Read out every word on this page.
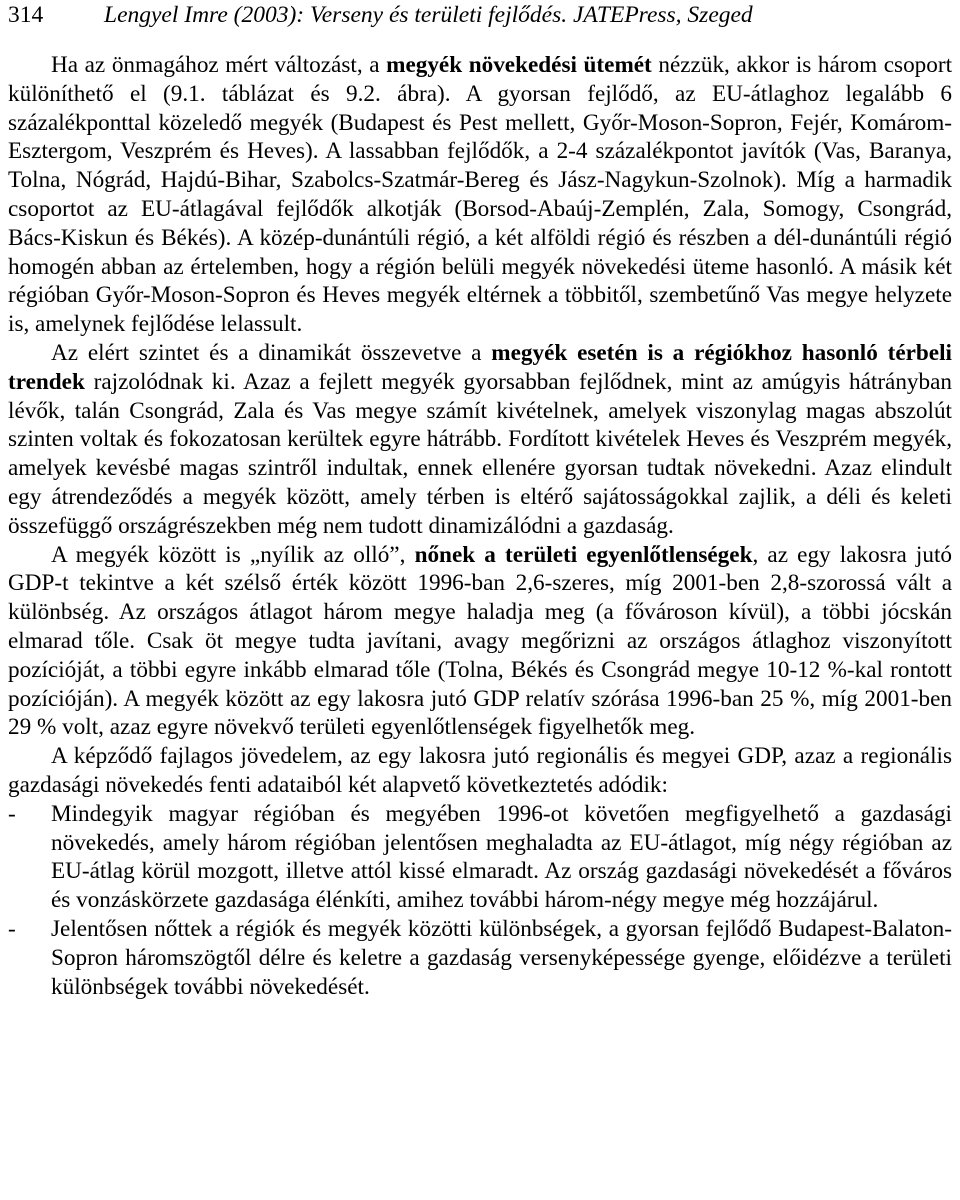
314	Lengyel Imre (2003): Verseny és területi fejlődés. JATEPress, Szeged

Ha az önmagához mért változást, a megyék növekedési ütemét nézzük, akkor is három csoport különíthető el (9.1. táblázat és 9.2. ábra). A gyorsan fejlődő, az EU-átlaghoz legalább 6 százalékponttal közeledő megyék (Budapest és Pest mellett, Győr-Moson-Sopron, Fejér, Komárom-Esztergom, Veszprém és Heves). A lassabban fejlődők, a 2-4 százalékpontot javítók (Vas, Baranya, Tolna, Nógrád, Hajdú-Bihar, Szabolcs-Szatmár-Bereg és Jász-Nagykun-Szolnok). Míg a harmadik csoportot az EU-átlagával fejlődők alkotják (Borsod-Abaúj-Zemplén, Zala, Somogy, Csongrád, Bács-Kiskun és Békés). A közép-dunántúli régió, a két alföldi régió és részben a dél-dunántúli régió homogén abban az értelemben, hogy a régión belüli megyék növekedési üteme hasonló. A másik két régióban Győr-Moson-Sopron és Heves megyék eltérnek a többitől, szembetűnő Vas megye helyzete is, amelynek fejlődése lelassult.

Az elért szintet és a dinamikát összevetve a megyék esetén is a régiókhoz hasonló térbeli trendek rajzolódnak ki. Azaz a fejlett megyék gyorsabban fejlődnek, mint az amúgyis hátrányban lévők, talán Csongrád, Zala és Vas megye számít kivételnek, amelyek viszonylag magas abszolút szinten voltak és fokozatosan kerültek egyre hátrább. Fordított kivételek Heves és Veszprém megyék, amelyek kevésbé magas szintről indultak, ennek ellenére gyorsan tudtak növekedni. Azaz elindult egy átrendeződés a megyék között, amely térben is eltérő sajátosságokkal zajlik, a déli és keleti összefüggő országrészekben még nem tudott dinamizálódni a gazdaság.

A megyék között is „nyílik az olló”, nőnek a területi egyenlőtlenségek, az egy lakosra jutó GDP-t tekintve a két szélső érték között 1996-ban 2,6-szeres, míg 2001-ben 2,8-szorossá vált a különbség. Az országos átlagot három megye haladja meg (a fővároson kívül), a többi jócskán elmarad tőle. Csak öt megye tudta javítani, avagy megőrizni az országos átlaghoz viszonyított pozícióját, a többi egyre inkább elmarad tőle (Tolna, Békés és Csongrád megye 10-12 %-kal rontott pozícióján). A megyék között az egy lakosra jutó GDP relatív szórása 1996-ban 25 %, míg 2001-ben 29 % volt, azaz egyre növekvő területi egyenlőtlenségek figyelhetők meg.

A képződő fajlagos jövedelem, az egy lakosra jutó regionális és megyei GDP, azaz a regionális gazdasági növekedés fenti adataiból két alapvető következtetés adódik:

- Mindegyik magyar régióban és megyében 1996-ot követően megfigyelhető a gazdasági növekedés, amely három régióban jelentősen meghaladta az EU-átlagot, míg négy régióban az EU-átlag körül mozgott, illetve attól kissé elmaradt. Az ország gazdasági növekedését a főváros és vonzáskörzete gazdasága élénkíti, amihez további három-négy megye még hozzájárul.
- Jelentősen nőttek a régiók és megyék közötti különbségek, a gyorsan fejlődő Budapest-Balaton-Sopron háromszögtől délre és keletre a gazdaság versenyképessége gyenge, előidézve a területi különbségek további növekedését.
